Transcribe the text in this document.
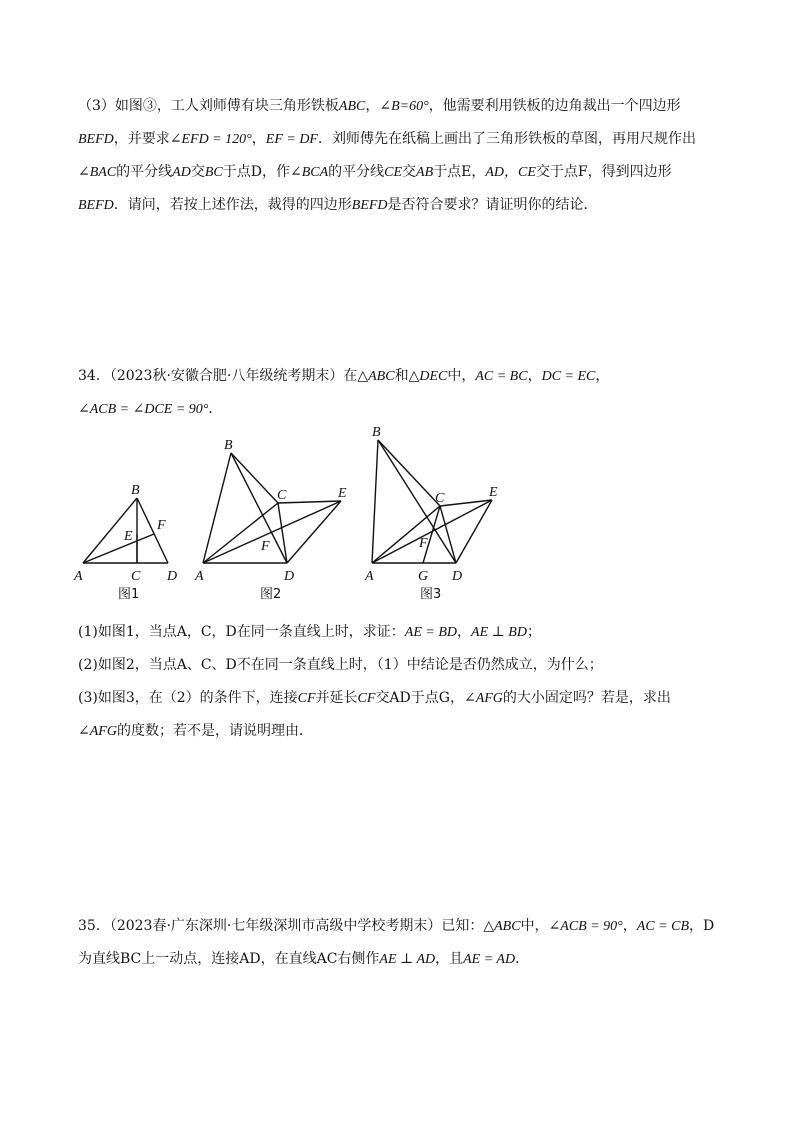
（3）如图③，工人刘师傅有块三角形铁板ABC，∠B=60°，他需要利用铁板的边角裁出一个四边形
BEFD，并要求∠EFD = 120°，EF = DF．刘师傅先在纸稿上画出了三角形铁板的草图，再用尺规作出
∠BAC的平分线AD交BC于点D，作∠BCA的平分线CE交AB于点E，AD，CE交于点F，得到四边形
BEFD．请问，若按上述作法，裁得的四边形BEFD是否符合要求？请证明你的结论．
34．（2023秋·安徽合肥·八年级统考期末）在△ABC和△DEC中，AC = BC，DC = EC，
∠ACB = ∠DCE = 90°．
B
E
F
A	C D
图1
B
C	E
F
A	D
图2
B
C	E
F
A	G D
图3
(1)如图1，当点A，C，D在同一条直线上时，求证：AE = BD，AE ⊥ BD；
(2)如图2，当点A、C、D不在同一条直线上时，（1）中结论是否仍然成立，为什么；
(3)如图3，在（2）的条件下，连接CF并延长CF交AD于点G，∠AFG的大小固定吗？若是，求出
∠AFG的度数；若不是，请说明理由．
35．（2023春·广东深圳·七年级深圳市高级中学校考期末）已知：△ABC中，∠ACB = 90°，AC = CB，D
为直线BC上一动点，连接AD，在直线AC右侧作AE ⊥ AD，且AE = AD．
